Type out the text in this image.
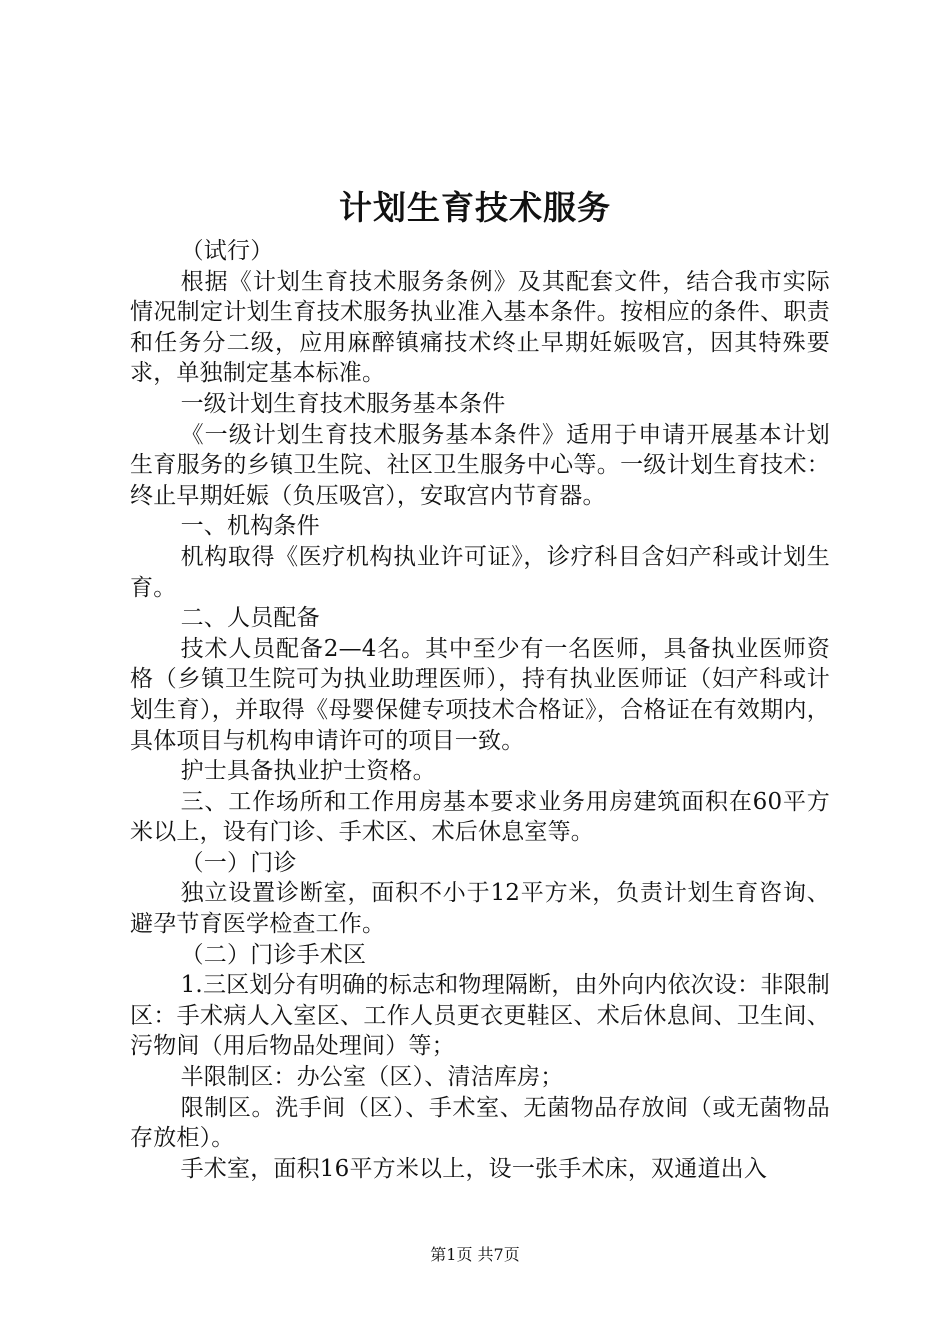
计划生育技术服务

（试行）

根据《计划生育技术服务条例》及其配套文件，结合我市实际情况制定计划生育技术服务执业准入基本条件。按相应的条件、职责和任务分二级，应用麻醉镇痛技术终止早期妊娠吸宫，因其特殊要求，单独制定基本标准。

一级计划生育技术服务基本条件

《一级计划生育技术服务基本条件》适用于申请开展基本计划生育服务的乡镇卫生院、社区卫生服务中心等。一级计划生育技术：终止早期妊娠（负压吸宫），安取宫内节育器。

一、机构条件

机构取得《医疗机构执业许可证》，诊疗科目含妇产科或计划生育。

二、人员配备

技术人员配备2—4名。其中至少有一名医师，具备执业医师资格（乡镇卫生院可为执业助理医师），持有执业医师证（妇产科或计划生育），并取得《母婴保健专项技术合格证》，合格证在有效期内，具体项目与机构申请许可的项目一致。

护士具备执业护士资格。

三、工作场所和工作用房基本要求业务用房建筑面积在60平方米以上，设有门诊、手术区、术后休息室等。

（一）门诊

独立设置诊断室，面积不小于12平方米，负责计划生育咨询、避孕节育医学检查工作。

（二）门诊手术区

1.三区划分有明确的标志和物理隔断，由外向内依次设：非限制区：手术病人入室区、工作人员更衣更鞋区、术后休息间、卫生间、污物间（用后物品处理间）等；

半限制区：办公室（区）、清洁库房；

限制区。洗手间（区）、手术室、无菌物品存放间（或无菌物品存放柜）。

手术室，面积16平方米以上，设一张手术床，双通道出入

第1页 共7页
